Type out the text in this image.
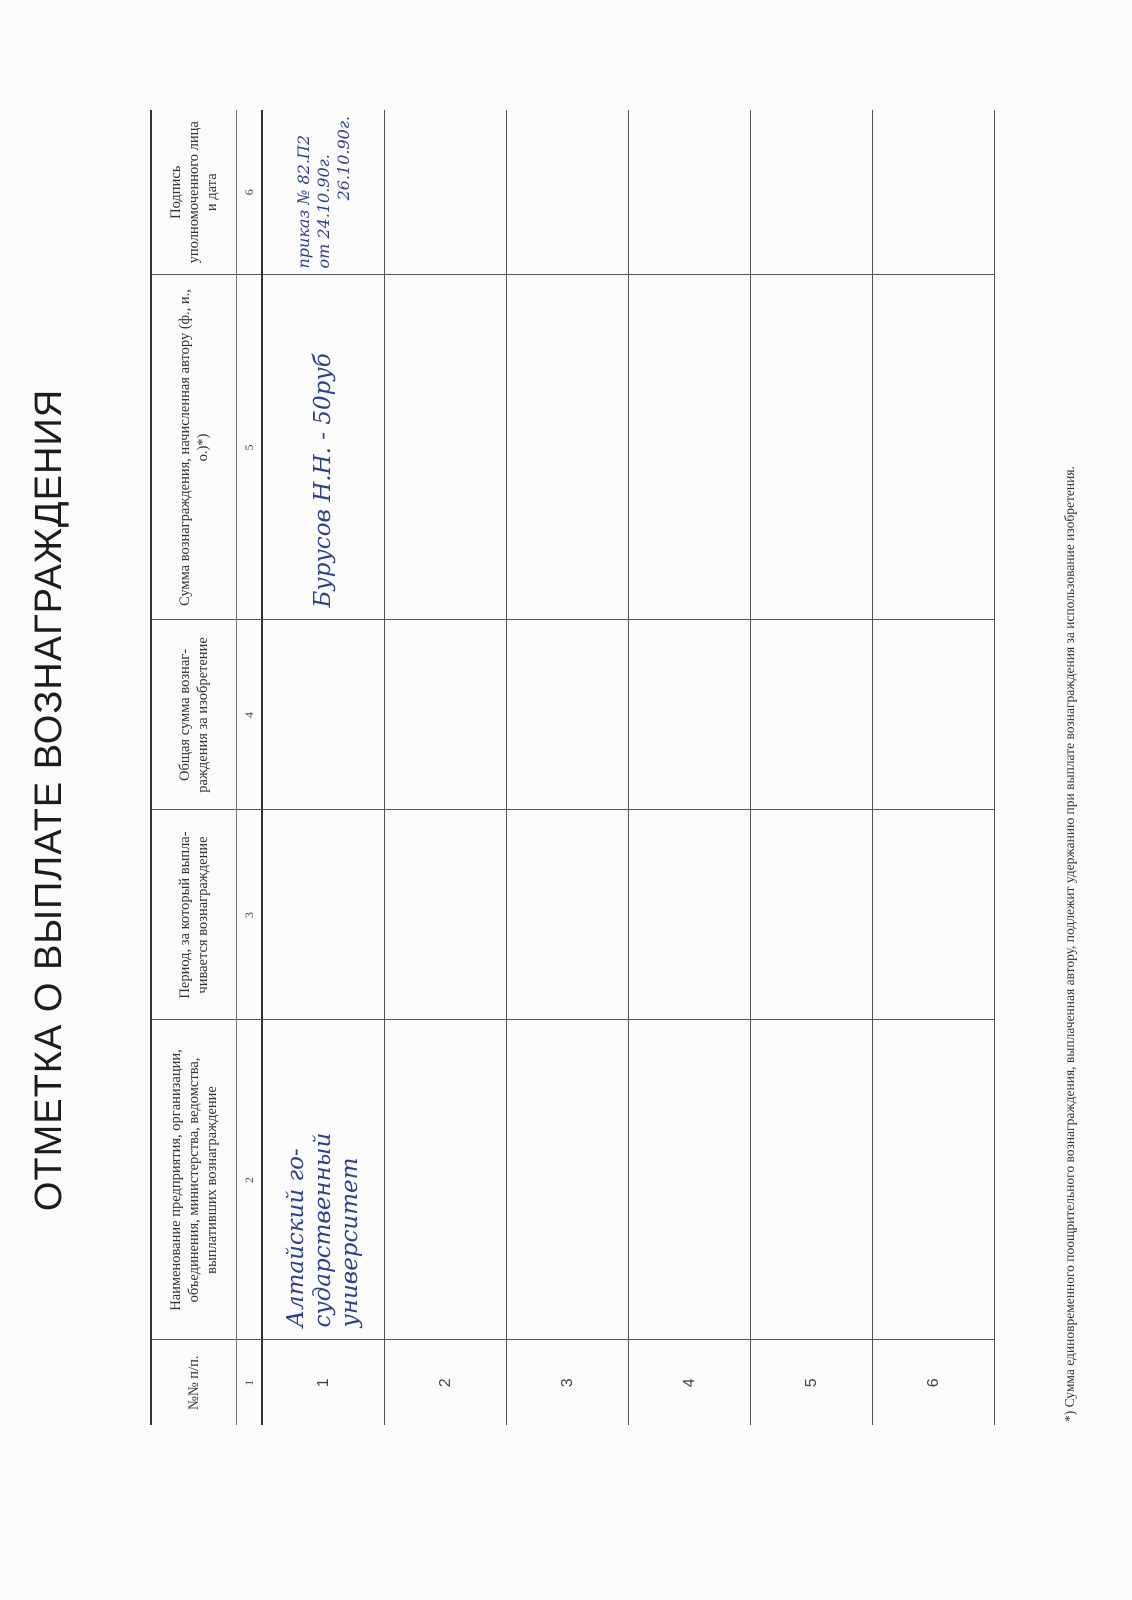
ОТМЕТКА О ВЫПЛАТЕ ВОЗНАГРАЖДЕНИЯ
№№ п/п.	Наименование предприятия, организации, объединения, министерства, ведомства, выплативших вознаграждение	Период, за который выпла- чивается вознаграждение	Общая сумма вознаг- раждения за изобретение	Сумма вознаграждения, начисленная автору (ф., и., о.)*)	Подпись уполномоченного лица и дата
1	2	3	4	5	6
1	Алтайский го- сударственный университет			Бурусов Н.Н. - 50руб	приказ № 82.П2 от 24.10.90г. 26.10.90г.

2					
3					
4					
5					
6						*) Сумма единовременного поощрительного вознаграждения, выплаченная автору, подлежит удержанию при выплате вознаграждения за использование изобретения.
